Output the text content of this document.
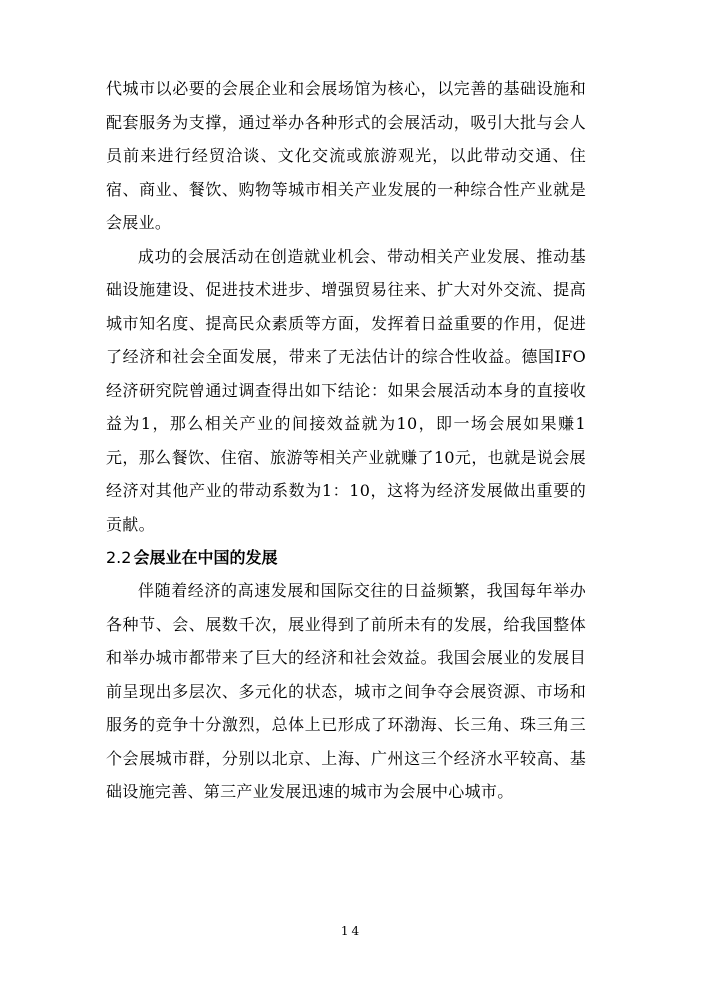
代城市以必要的会展企业和会展场馆为核心，以完善的基础设施和配套服务为支撑，通过举办各种形式的会展活动，吸引大批与会人员前来进行经贸洽谈、文化交流或旅游观光，以此带动交通、住宿、商业、餐饮、购物等城市相关产业发展的一种综合性产业就是会展业。

成功的会展活动在创造就业机会、带动相关产业发展、推动基础设施建设、促进技术进步、增强贸易往来、扩大对外交流、提高城市知名度、提高民众素质等方面，发挥着日益重要的作用，促进了经济和社会全面发展，带来了无法估计的综合性收益。德国IFO经济研究院曾通过调查得出如下结论：如果会展活动本身的直接收益为1，那么相关产业的间接效益就为10，即一场会展如果赚1元，那么餐饮、住宿、旅游等相关产业就赚了10元，也就是说会展经济对其他产业的带动系数为1：10，这将为经济发展做出重要的贡献。

2.2 会展业在中国的发展

伴随着经济的高速发展和国际交往的日益频繁，我国每年举办各种节、会、展数千次，展业得到了前所未有的发展，给我国整体和举办城市都带来了巨大的经济和社会效益。我国会展业的发展目前呈现出多层次、多元化的状态，城市之间争夺会展资源、市场和服务的竞争十分激烈，总体上已形成了环渤海、长三角、珠三角三个会展城市群，分别以北京、上海、广州这三个经济水平较高、基础设施完善、第三产业发展迅速的城市为会展中心城市。

14
